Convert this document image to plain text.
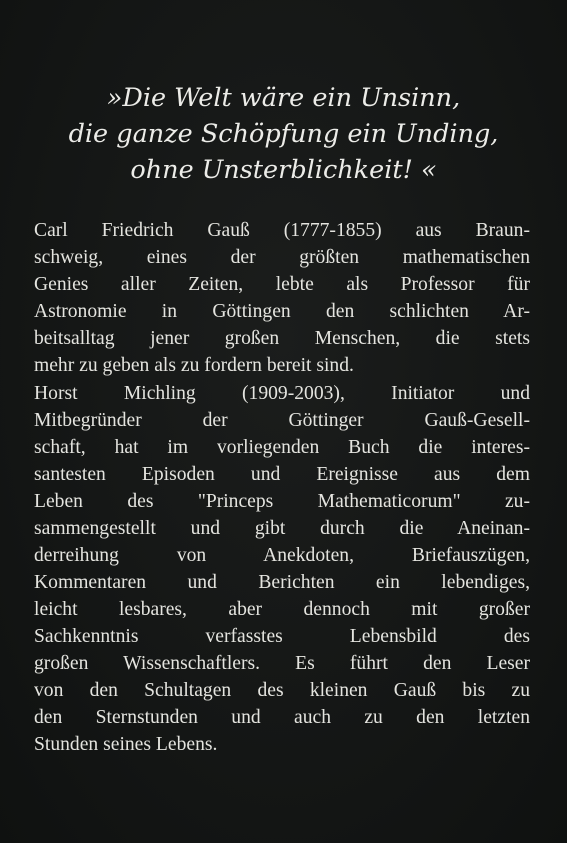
»Die Welt wäre ein Unsinn,
die ganze Schöpfung ein Unding,
ohne Unsterblichkeit! «
Carl Friedrich Gauß (1777-1855) aus Braun-
schweig, eines der größten mathematischen
Genies aller Zeiten, lebte als Professor für
Astronomie in Göttingen den schlichten Ar-
beitsalltag jener großen Menschen, die stets
mehr zu geben als zu fordern bereit sind.
Horst Michling (1909-2003), Initiator und
Mitbegründer der Göttinger Gauß-Gesell-
schaft, hat im vorliegenden Buch die interes-
santesten Episoden und Ereignisse aus dem
Leben des "Princeps Mathematicorum" zu-
sammengestellt und gibt durch die Aneinan-
derreihung von Anekdoten, Briefauszügen,
Kommentaren und Berichten ein lebendiges,
leicht lesbares, aber dennoch mit großer
Sachkenntnis verfasstes Lebensbild des
großen Wissenschaftlers. Es führt den Leser
von den Schultagen des kleinen Gauß bis zu
den Sternstunden und auch zu den letzten
Stunden seines Lebens.
